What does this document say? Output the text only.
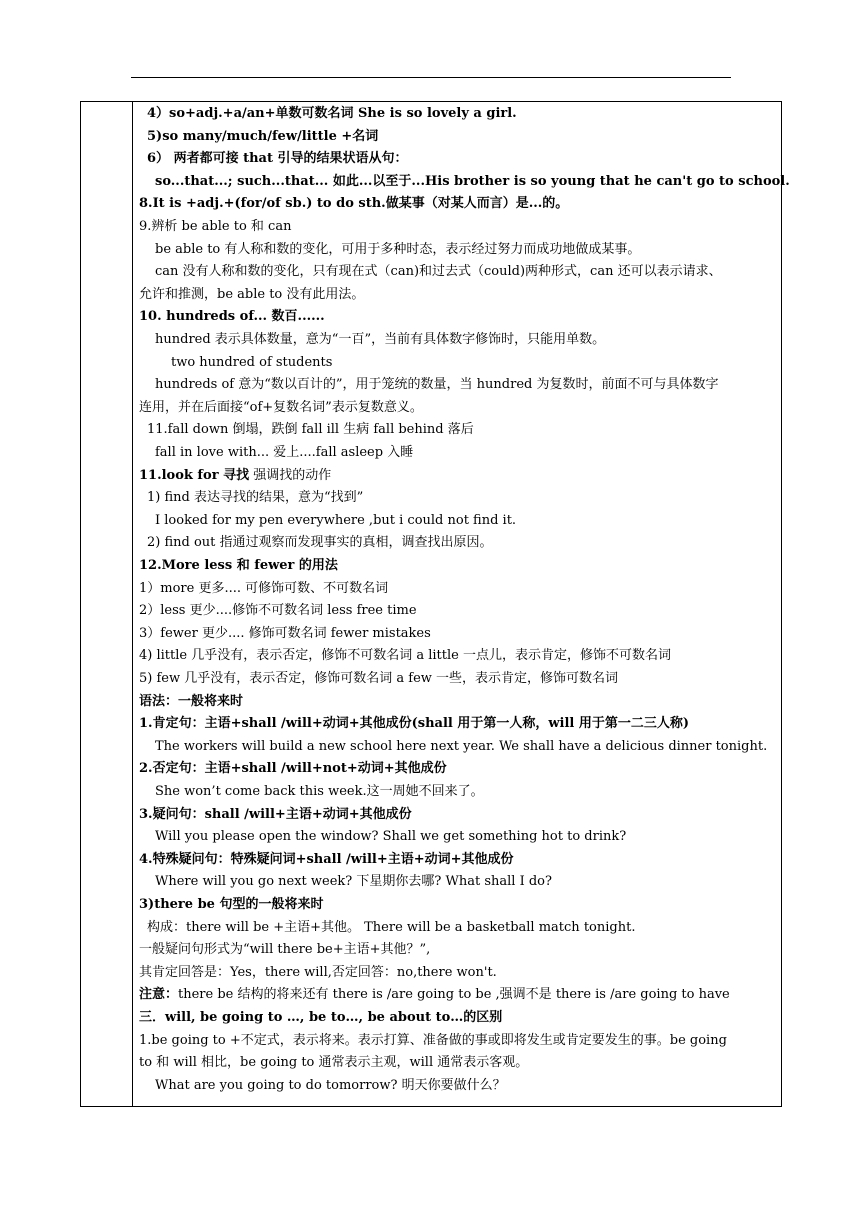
4）so+adj.+a/an+单数可数名词 She is so lovely a girl.
5)so many/much/few/little +名词
6） 两者都可接 that 引导的结果状语从句：
so...that...; such...that... 如此...以至于...His brother is so young that he can't go to school.
8.It is +adj.+(for/of sb.) to do sth.做某事（对某人而言）是...的。
9.辨析 be able to 和 can
be able to 有人称和数的变化，可用于多种时态，表示经过努力而成功地做成某事。
can 没有人称和数的变化，只有现在式（can)和过去式（could)两种形式，can 还可以表示请求、
允许和推测，be able to 没有此用法。
10. hundreds of... 数百......
hundred 表示具体数量，意为“一百”，当前有具体数字修饰时，只能用单数。
two hundred of students
hundreds of 意为“数以百计的”，用于笼统的数量，当 hundred 为复数时，前面不可与具体数字
连用，并在后面接“of+复数名词”表示复数意义。
11.fall down 倒塌，跌倒 fall ill 生病 fall behind 落后
fall in love with... 爱上....fall asleep 入睡
11.look for 寻找 强调找的动作
1) find 表达寻找的结果，意为“找到”
I looked for my pen everywhere ,but i could not find it.
2) find out 指通过观察而发现事实的真相，调查找出原因。
12.More less 和 fewer 的用法
1）more 更多.... 可修饰可数、不可数名词
2）less 更少....修饰不可数名词 less free time
3）fewer 更少.... 修饰可数名词 fewer mistakes
4) little 几乎没有，表示否定，修饰不可数名词 a little 一点儿，表示肯定，修饰不可数名词
5) few 几乎没有，表示否定，修饰可数名词 a few 一些，表示肯定，修饰可数名词
语法：一般将来时
1.肯定句：主语+shall /will+动词+其他成份(shall 用于第一人称，will 用于第一二三人称)
The workers will build a new school here next year. We shall have a delicious dinner tonight.
2.否定句：主语+shall /will+not+动词+其他成份
She won’t come back this week.这一周她不回来了。
3.疑问句：shall /will+主语+动词+其他成份
Will you please open the window? Shall we get something hot to drink?
4.特殊疑问句：特殊疑问词+shall /will+主语+动词+其他成份
Where will you go next week? 下星期你去哪? What shall I do?
3)there be 句型的一般将来时
构成：there will be +主语+其他。 There will be a basketball match tonight.
一般疑问句形式为“will there be+主语+其他？”,
其肯定回答是：Yes，there will,否定回答：no,there won't.
注意：there be 结构的将来还有 there is /are going to be ,强调不是 there is /are going to have
三．will, be going to …, be to…, be about to…的区别
1.be going to +不定式，表示将来。表示打算、准备做的事或即将发生或肯定要发生的事。be going
to 和 will 相比，be going to 通常表示主观，will 通常表示客观。
What are you going to do tomorrow? 明天你要做什么？
